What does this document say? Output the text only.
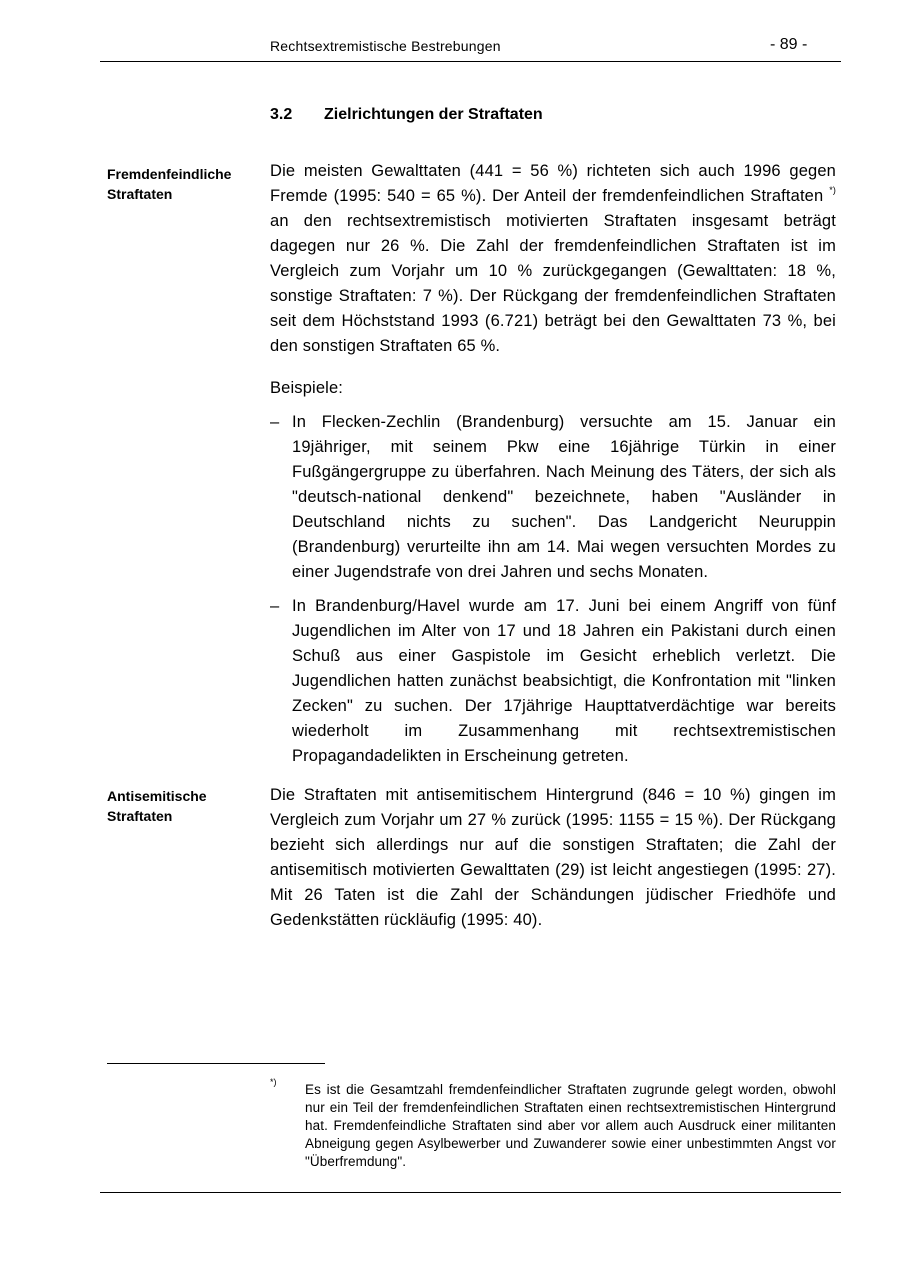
Rechtsextremistische Bestrebungen	- 89 -
3.2 Zielrichtungen der Straftaten
Fremdenfeindliche
Straftaten

Die meisten Gewalttaten (441 = 56 %) richteten sich auch 1996 gegen Fremde (1995: 540 = 65 %). Der Anteil der fremdenfeindlichen Straftaten *) an den rechtsextremistisch motivierten Straftaten insgesamt beträgt dagegen nur 26 %. Die Zahl der fremdenfeindlichen Straftaten ist im Vergleich zum Vorjahr um 10 % zurückgegangen (Gewalttaten: 18 %, sonstige Straftaten: 7 %). Der Rückgang der fremdenfeindlichen Straftaten seit dem Höchststand 1993 (6.721) beträgt bei den Gewalttaten 73 %, bei den sonstigen Straftaten 65 %.

Beispiele:
– In Flecken-Zechlin (Brandenburg) versuchte am 15. Januar ein 19jähriger, mit seinem Pkw eine 16jährige Türkin in einer Fußgängergruppe zu überfahren. Nach Meinung des Täters, der sich als "deutsch-national denkend" bezeichnete, haben "Ausländer in Deutschland nichts zu suchen". Das Landgericht Neuruppin (Brandenburg) verurteilte ihn am 14. Mai wegen versuchten Mordes zu einer Jugendstrafe von drei Jahren und sechs Monaten.
– In Brandenburg/Havel wurde am 17. Juni bei einem Angriff von fünf Jugendlichen im Alter von 17 und 18 Jahren ein Pakistani durch einen Schuß aus einer Gaspistole im Gesicht erheblich verletzt. Die Jugendlichen hatten zunächst beabsichtigt, die Konfrontation mit "linken Zecken" zu suchen. Der 17jährige Haupttatverdächtige war bereits wiederholt im Zusammenhang mit rechtsextremistischen Propagandadelikten in Erscheinung getreten.
Antisemitische
Straftaten

Die Straftaten mit antisemitischem Hintergrund (846 = 10 %) gingen im Vergleich zum Vorjahr um 27 % zurück (1995: 1155 = 15 %). Der Rückgang bezieht sich allerdings nur auf die sonstigen Straftaten; die Zahl der antisemitisch motivierten Gewalttaten (29) ist leicht angestiegen (1995: 27). Mit 26 Taten ist die Zahl der Schändungen jüdischer Friedhöfe und Gedenkstätten rückläufig (1995: 40).

*) Es ist die Gesamtzahl fremdenfeindlicher Straftaten zugrunde gelegt worden, obwohl nur ein Teil der fremdenfeindlichen Straftaten einen rechtsextremistischen Hintergrund hat. Fremdenfeindliche Straftaten sind aber vor allem auch Ausdruck einer militanten Abneigung gegen Asylbewerber und Zuwanderer sowie einer unbestimmten Angst vor "Überfremdung".
